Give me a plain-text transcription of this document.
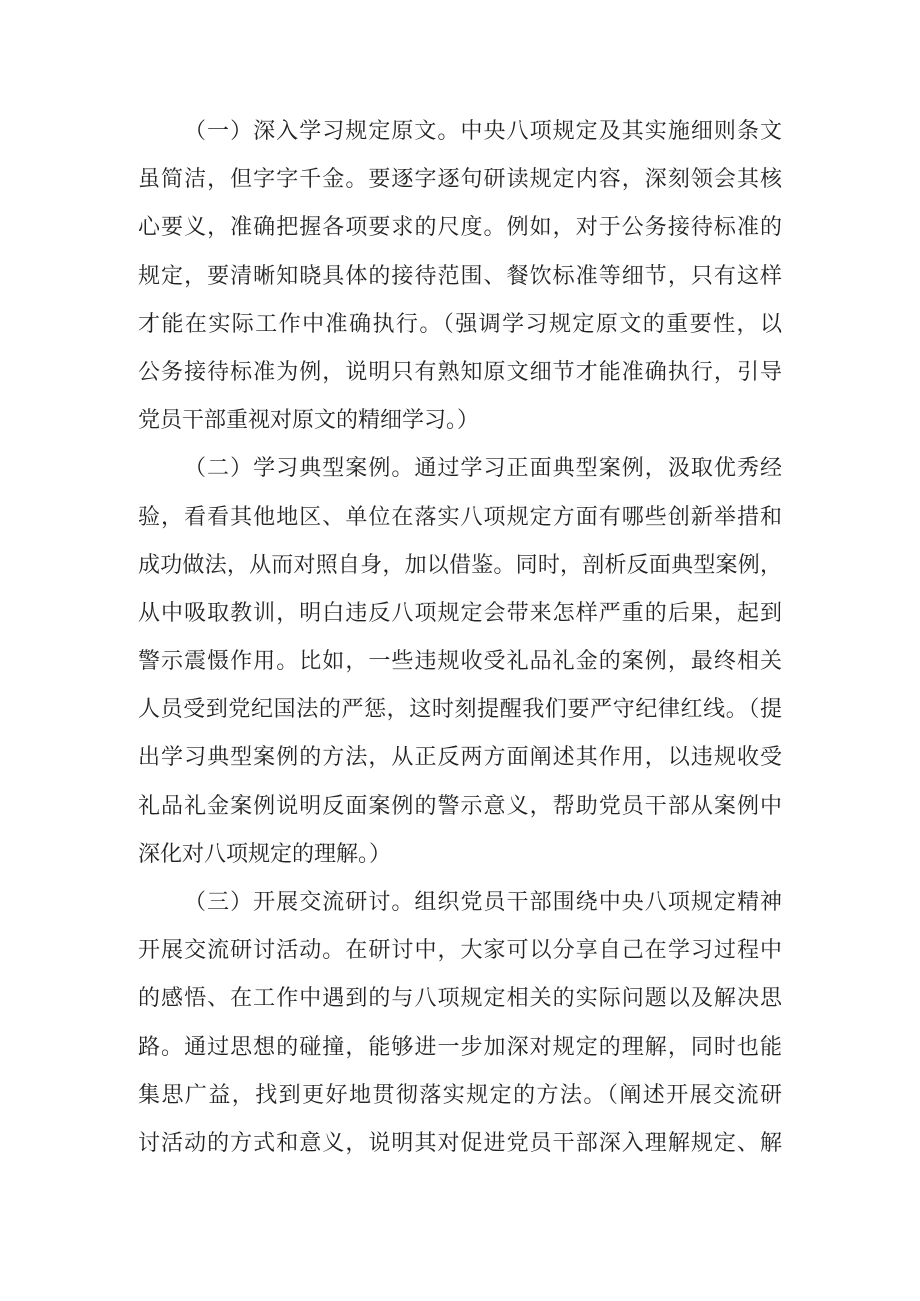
（一）深入学习规定原文。中央八项规定及其实施细则条文
虽简洁，但字字千金。要逐字逐句研读规定内容，深刻领会其核
心要义，准确把握各项要求的尺度。例如，对于公务接待标准的
规定，要清晰知晓具体的接待范围、餐饮标准等细节，只有这样
才能在实际工作中准确执行。（强调学习规定原文的重要性，以
公务接待标准为例，说明只有熟知原文细节才能准确执行，引导
党员干部重视对原文的精细学习。）
（二）学习典型案例。通过学习正面典型案例，汲取优秀经
验，看看其他地区、单位在落实八项规定方面有哪些创新举措和
成功做法，从而对照自身，加以借鉴。同时，剖析反面典型案例，
从中吸取教训，明白违反八项规定会带来怎样严重的后果，起到
警示震慑作用。比如，一些违规收受礼品礼金的案例，最终相关
人员受到党纪国法的严惩，这时刻提醒我们要严守纪律红线。（提
出学习典型案例的方法，从正反两方面阐述其作用，以违规收受
礼品礼金案例说明反面案例的警示意义，帮助党员干部从案例中
深化对八项规定的理解。）
（三）开展交流研讨。组织党员干部围绕中央八项规定精神
开展交流研讨活动。在研讨中，大家可以分享自己在学习过程中
的感悟、在工作中遇到的与八项规定相关的实际问题以及解决思
路。通过思想的碰撞，能够进一步加深对规定的理解，同时也能
集思广益，找到更好地贯彻落实规定的方法。（阐述开展交流研
讨活动的方式和意义，说明其对促进党员干部深入理解规定、解
